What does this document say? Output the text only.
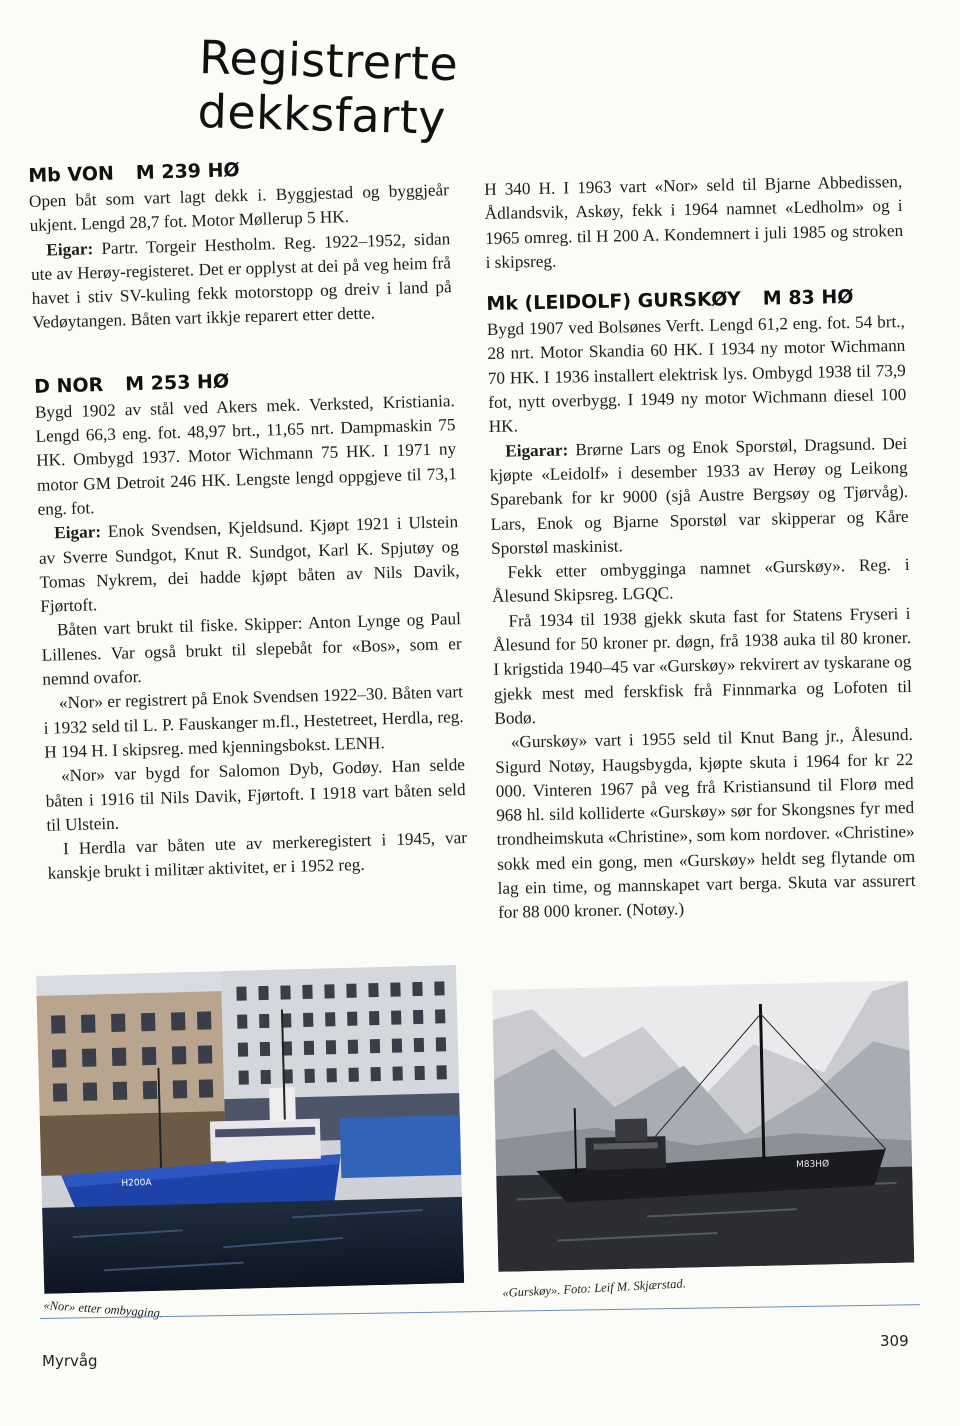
Registrerte dekksfarty
Mb VON M 239 HØ

Open båt som vart lagt dekk i. Byggjestad og byggjeår ukjent. Lengd 28,7 fot. Motor Møllerup 5 HK.

Eigar: Partr. Torgeir Hestholm. Reg. 1922–1952, sidan ute av Herøy-registeret. Det er opplyst at dei på veg heim frå havet i stiv SV-kuling fekk motorstopp og dreiv i land på Vedøytangen. Båten vart ikkje reparert etter dette.

D NOR M 253 HØ

Bygd 1902 av stål ved Akers mek. Verksted, Kristiania. Lengd 66,3 eng. fot. 48,97 brt., 11,65 nrt. Dampmaskin 75 HK. Ombygd 1937. Motor Wichmann 75 HK. I 1971 ny motor GM Detroit 246 HK. Lengste lengd oppgjeve til 73,1 eng. fot.

Eigar: Enok Svendsen, Kjeldsund. Kjøpt 1921 i Ulstein av Sverre Sundgot, Knut R. Sundgot, Karl K. Spjutøy og Tomas Nykrem, dei hadde kjøpt båten av Nils Davik, Fjørtoft.

Båten vart brukt til fiske. Skipper: Anton Lynge og Paul Lillenes. Var også brukt til slepebåt for «Bos», som er nemnd ovafor.

«Nor» er registrert på Enok Svendsen 1922–30. Båten vart i 1932 seld til L. P. Fauskanger m.fl., Hestetreet, Herdla, reg. H 194 H. I skipsreg. med kjenningsbokst. LENH.

«Nor» var bygd for Salomon Dyb, Godøy. Han selde båten i 1916 til Nils Davik, Fjørtoft. I 1918 vart båten seld til Ulstein.

I Herdla var båten ute av merkeregistert i 1945, var kanskje brukt i militær aktivitet, er i 1952 reg.

H 340 H. I 1963 vart «Nor» seld til Bjarne Abbedissen, Ådlandsvik, Askøy, fekk i 1964 namnet «Ledholm» og i 1965 omreg. til H 200 A. Kondemnert i juli 1985 og stroken i skipsreg.

Mk (LEIDOLF) GURSKØY M 83 HØ

Bygd 1907 ved Bolsønes Verft. Lengd 61,2 eng. fot. 54 brt., 28 nrt. Motor Skandia 60 HK. I 1934 ny motor Wichmann 70 HK. I 1936 installert elektrisk lys. Ombygd 1938 til 73,9 fot, nytt overbygg. I 1949 ny motor Wichmann diesel 100 HK.

Eigarar: Brørne Lars og Enok Sporstøl, Dragsund. Dei kjøpte «Leidolf» i desember 1933 av Herøy og Leikong Sparebank for kr 9000 (sjå Austre Bergsøy og Tjørvåg). Lars, Enok og Bjarne Sporstøl var skipperar og Kåre Sporstøl maskinist.

Fekk etter ombygginga namnet «Gurskøy». Reg. i Ålesund Skipsreg. LGQC.

Frå 1934 til 1938 gjekk skuta fast for Statens Fryseri i Ålesund for 50 kroner pr. døgn, frå 1938 auka til 80 kroner. I krigstida 1940–45 var «Gurskøy» rekvirert av tyskarane og gjekk mest med ferskfisk frå Finnmarka og Lofoten til Bodø.

«Gurskøy» vart i 1955 seld til Knut Bang jr., Ålesund. Sigurd Notøy, Haugsbygda, kjøpte skuta i 1964 for kr 22 000. Vinteren 1967 på veg frå Kristiansund til Florø med 968 hl. sild kolliderte «Gurskøy» sør for Skongsnes fyr med trondheimskuta «Christine», som kom nordover. «Christine» sokk med ein gong, men «Gurskøy» heldt seg flytande om lag ein time, og mannskapet vart berga. Skuta var assurert for 88 000 kroner. (Notøy.)

H200A
«Nor» etter ombygging.
M83HØ
«Gurskøy». Foto: Leif M. Skjærstad.
309
Myrvåg
